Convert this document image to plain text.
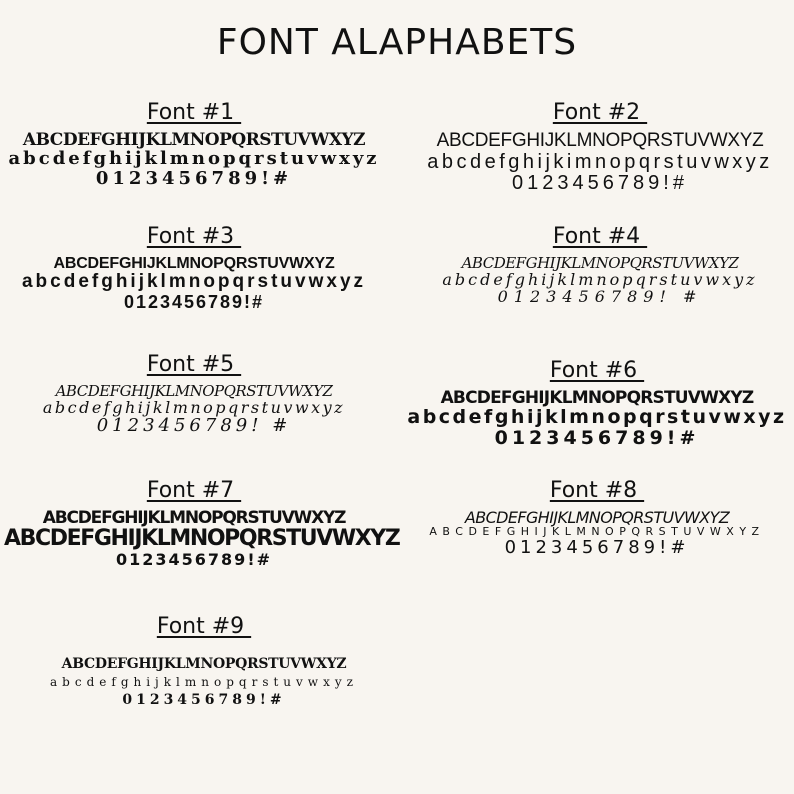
FONT ALAPHABETS
Font #1
ABCDEFGHIJKLMNOPQRSTUVWXYZ
abcdefghijklmnopqrstuvwxyz
0123456789!#
Font #2
ABCDEFGHIJKLMNOPQRSTUVWXYZ
abcdefghijkimnopqrstuvwxyz
0123456789!#
Font #3
ABCDEFGHIJKLMNOPQRSTUVWXYZ
abcdefghijklmnopqrstuvwxyz
0123456789!#
Font #4
ABCDEFGHIJKLMNOPQRSTUVWXYZ
abcdefghijklmnopqrstuvwxyz
0123456789! #
Font #5
ABCDEFGHIJKLMNOPQRSTUVWXYZ
abcdefghijklmnopqrstuvwxyz
0123456789! #
Font #6
ABCDEFGHIJKLMNOPQRSTUVWXYZ
abcdefghijklmnopqrstuvwxyz
0123456789!#
Font #7
ABCDEFGHIJKLMNOPQRSTUVWXYZ
ABCDEFGHIJKLMNOPQRSTUVWXYZ
0123456789!#
Font #8
ABCDEFGHIJKLMNOPQRSTUVWXYZ
ABCDEFGHIJKLMNOPQRSTUVWXYZ
0123456789!#
Font #9
ABCDEFGHIJKLMNOPQRSTUVWXYZ
abcdefghijklmnopqrstuvwxyz
0123456789!#
